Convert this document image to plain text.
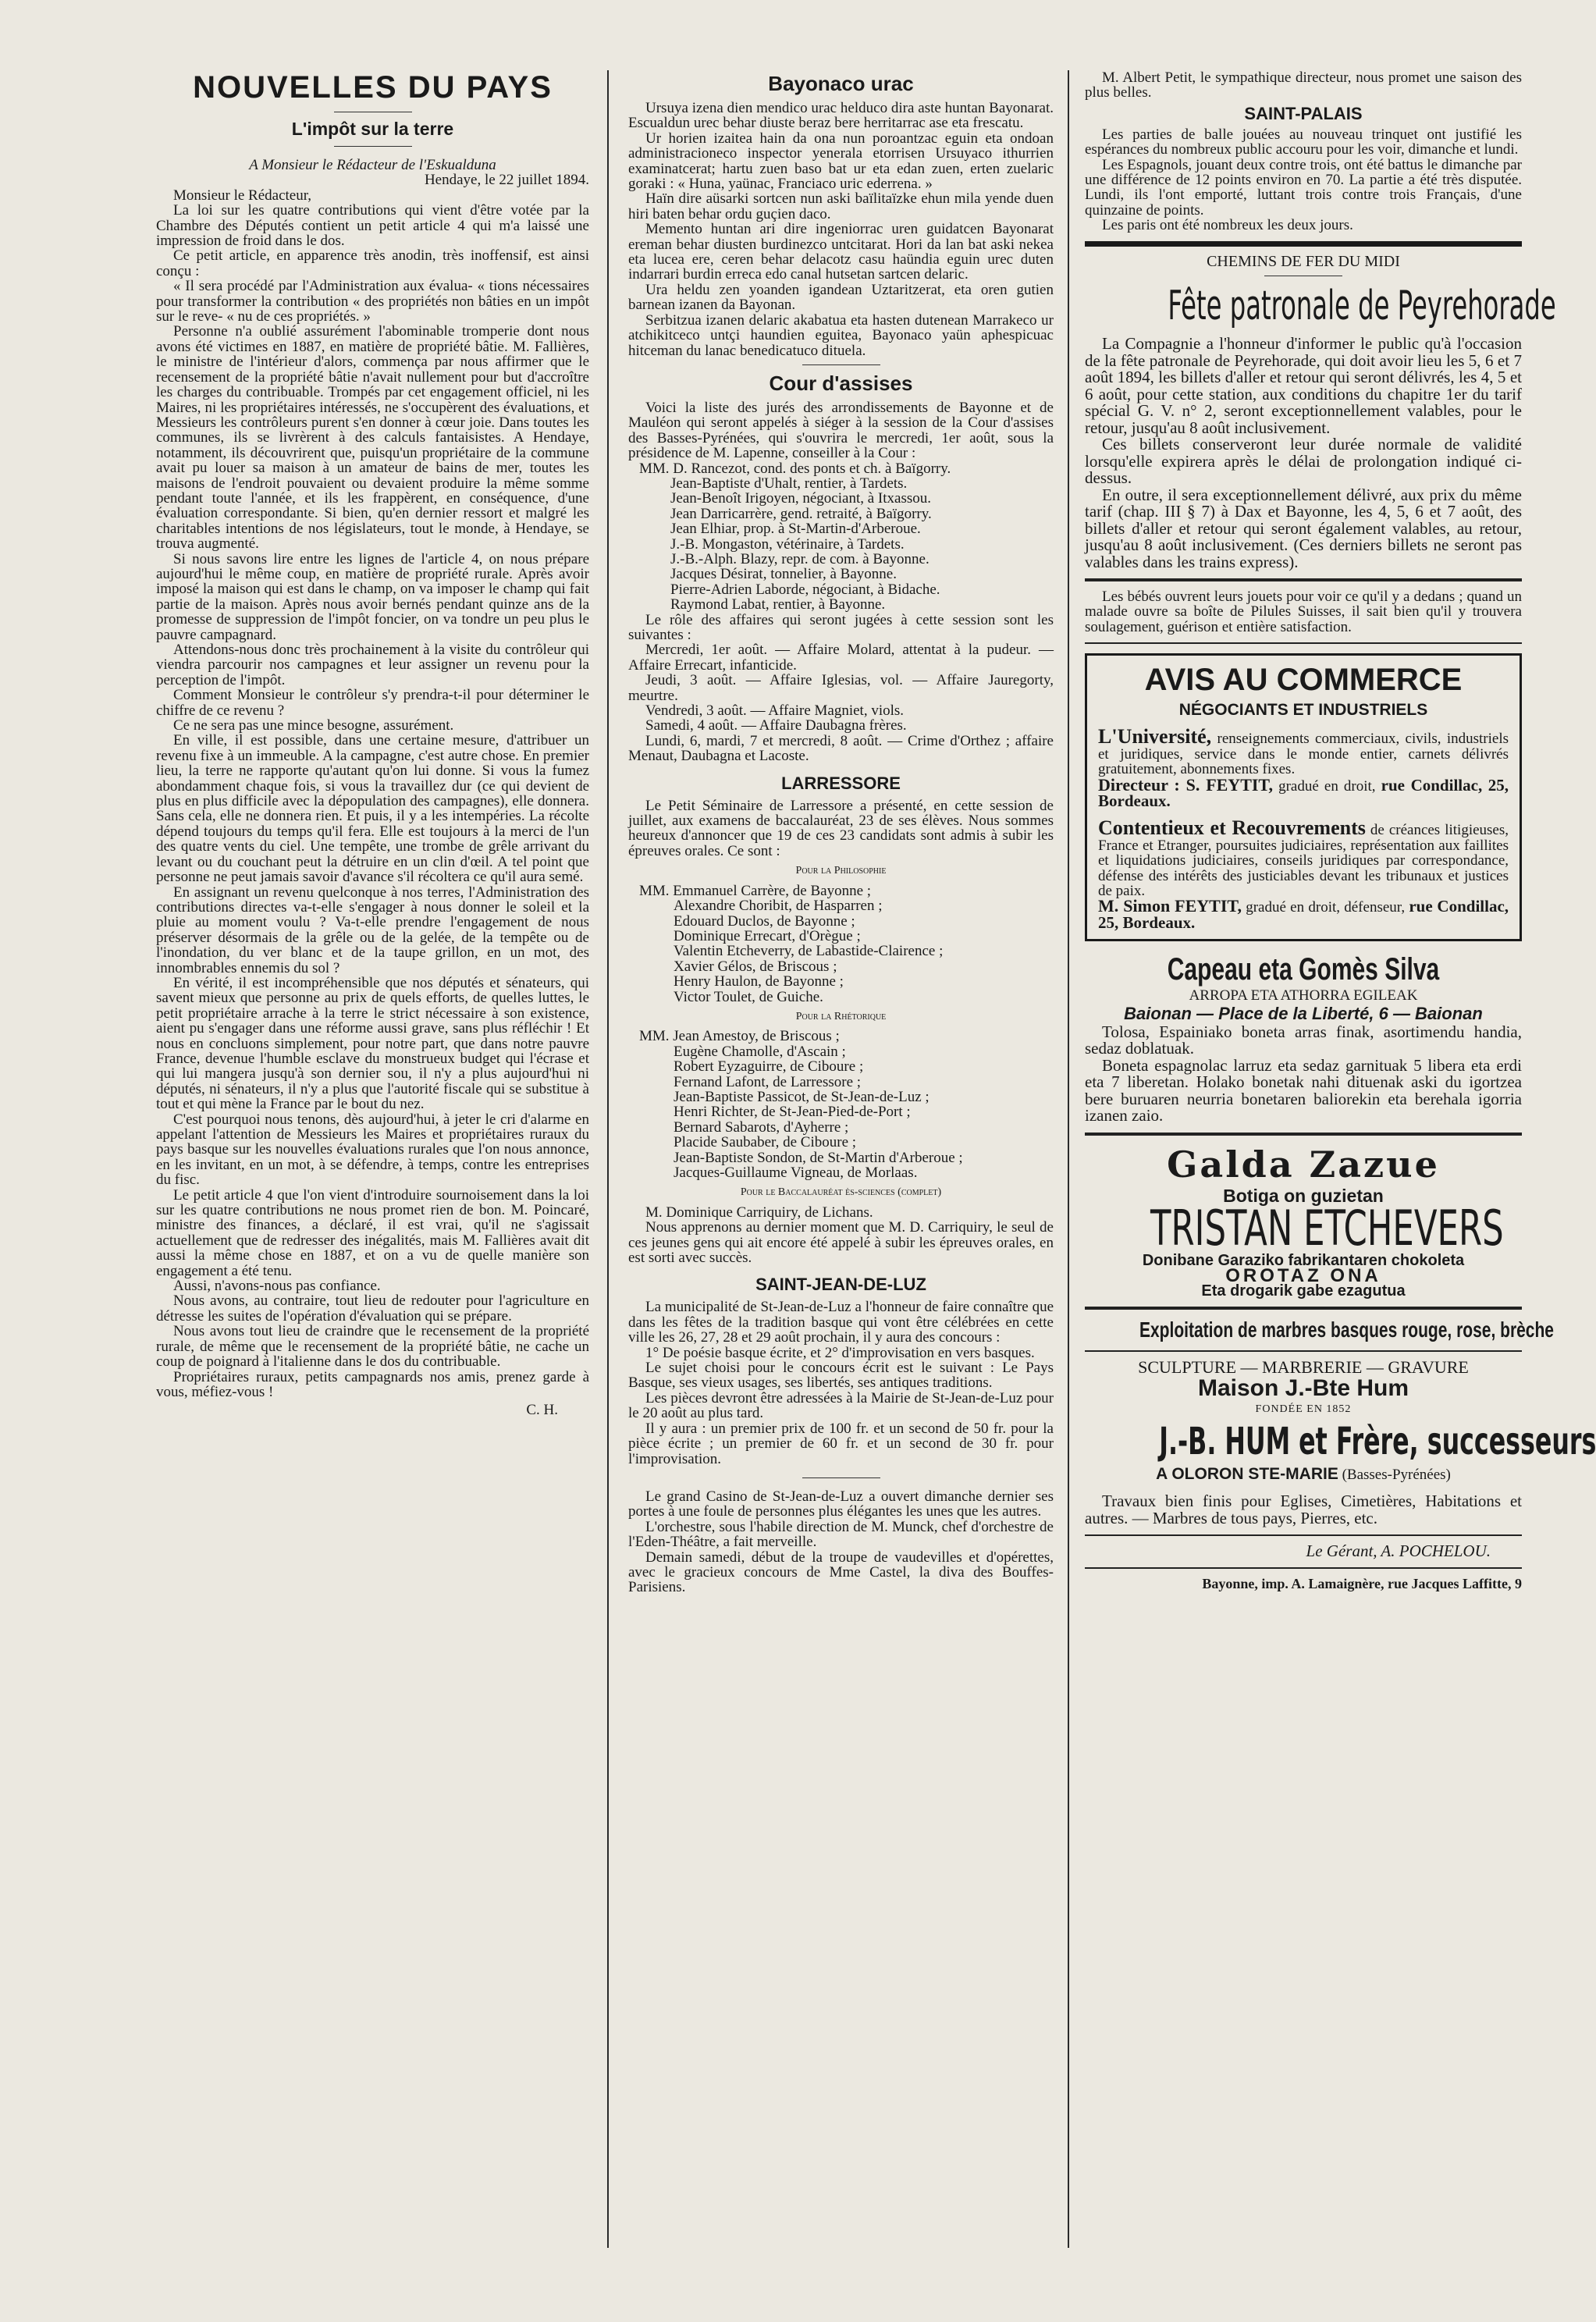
NOUVELLES DU PAYS
L'impôt sur la terre

A Monsieur le Rédacteur de l'Eskualduna

Hendaye, le 22 juillet 1894.

Monsieur le Rédacteur,

La loi sur les quatre contributions qui vient d'être votée par la Chambre des Députés contient un petit article 4 qui m'a laissé une impression de froid dans le dos.

Ce petit article, en apparence très anodin, très inoffensif, est ainsi conçu :

« Il sera procédé par l'Administration aux évalua- « tions nécessaires pour transformer la contribution « des propriétés non bâties en un impôt sur le reve- « nu de ces propriétés. »

Personne n'a oublié assurément l'abominable tromperie dont nous avons été victimes en 1887, en matière de propriété bâtie. M. Fallières, le ministre de l'intérieur d'alors, commença par nous affirmer que le recensement de la propriété bâtie n'avait nullement pour but d'accroître les charges du contribuable. Trompés par cet engagement officiel, ni les Maires, ni les propriétaires intéressés, ne s'occupèrent des évaluations, et Messieurs les contrôleurs purent s'en donner à cœur joie. Dans toutes les communes, ils se livrèrent à des calculs fantaisistes. A Hendaye, notamment, ils découvrirent que, puisqu'un propriétaire de la commune avait pu louer sa maison à un amateur de bains de mer, toutes les maisons de l'endroit pouvaient ou devaient produire la même somme pendant toute l'année, et ils les frappèrent, en conséquence, d'une évaluation correspondante. Si bien, qu'en dernier ressort et malgré les charitables intentions de nos législateurs, tout le monde, à Hendaye, se trouva augmenté.

Si nous savons lire entre les lignes de l'article 4, on nous prépare aujourd'hui le même coup, en matière de propriété rurale. Après avoir imposé la maison qui est dans le champ, on va imposer le champ qui fait partie de la maison. Après nous avoir bernés pendant quinze ans de la promesse de suppression de l'impôt foncier, on va tondre un peu plus le pauvre campagnard.

Attendons-nous donc très prochainement à la visite du contrôleur qui viendra parcourir nos campagnes et leur assigner un revenu pour la perception de l'impôt.

Comment Monsieur le contrôleur s'y prendra-t-il pour déterminer le chiffre de ce revenu ?

Ce ne sera pas une mince besogne, assurément.

En ville, il est possible, dans une certaine mesure, d'attribuer un revenu fixe à un immeuble. A la campagne, c'est autre chose. En premier lieu, la terre ne rapporte qu'autant qu'on lui donne. Si vous la fumez abondamment chaque fois, si vous la travaillez dur (ce qui devient de plus en plus difficile avec la dépopulation des campagnes), elle donnera. Sans cela, elle ne donnera rien. Et puis, il y a les intempéries. La récolte dépend toujours du temps qu'il fera. Elle est toujours à la merci de l'un des quatre vents du ciel. Une tempête, une trombe de grêle arrivant du levant ou du couchant peut la détruire en un clin d'œil. A tel point que personne ne peut jamais savoir d'avance s'il récoltera ce qu'il aura semé.

En assignant un revenu quelconque à nos terres, l'Administration des contributions directes va-t-elle s'engager à nous donner le soleil et la pluie au moment voulu ? Va-t-elle prendre l'engagement de nous préserver désormais de la grêle ou de la gelée, de la tempête ou de l'inondation, du ver blanc et de la taupe grillon, en un mot, des innombrables ennemis du sol ?

En vérité, il est incompréhensible que nos députés et sénateurs, qui savent mieux que personne au prix de quels efforts, de quelles luttes, le petit propriétaire arrache à la terre le strict nécessaire à son existence, aient pu s'engager dans une réforme aussi grave, sans plus réfléchir ! Et nous en concluons simplement, pour notre part, que dans notre pauvre France, devenue l'humble esclave du monstrueux budget qui l'écrase et qui lui mangera jusqu'à son dernier sou, il n'y a plus aujourd'hui ni députés, ni sénateurs, il n'y a plus que l'autorité fiscale qui se substitue à tout et qui mène la France par le bout du nez.

C'est pourquoi nous tenons, dès aujourd'hui, à jeter le cri d'alarme en appelant l'attention de Messieurs les Maires et propriétaires ruraux du pays basque sur les nouvelles évaluations rurales que l'on nous annonce, en les invitant, en un mot, à se défendre, à temps, contre les entreprises du fisc.

Le petit article 4 que l'on vient d'introduire sournoisement dans la loi sur les quatre contributions ne nous promet rien de bon. M. Poincaré, ministre des finances, a déclaré, il est vrai, qu'il ne s'agissait actuellement que de redresser des inégalités, mais M. Fallières avait dit aussi la même chose en 1887, et on a vu de quelle manière son engagement a été tenu.

Aussi, n'avons-nous pas confiance.

Nous avons, au contraire, tout lieu de redouter pour l'agriculture en détresse les suites de l'opération d'évaluation qui se prépare.

Nous avons tout lieu de craindre que le recensement de la propriété rurale, de même que le recensement de la propriété bâtie, ne cache un coup de poignard à l'italienne dans le dos du contribuable.

Propriétaires ruraux, petits campagnards nos amis, prenez garde à vous, méfiez-vous !

C. H.

Bayonaco urac

Ursuya izena dien mendico urac helduco dira aste huntan Bayonarat. Escualdun urec behar diuste beraz bere herritarrac ase eta frescatu.

Ur horien izaitea hain da ona nun poroantzac eguin eta ondoan administracioneco inspector yenerala etorrisen Ursuyaco ithurrien examinatcerat; hartu zuen baso bat ur eta edan zuen, erten zuelaric goraki : « Huna, yaünac, Franciaco uric ederrena. »

Haïn dire aüsarki sortcen nun aski baïlitaïzke ehun mila yende duen hiri baten behar ordu guçien daco.

Memento huntan ari dire ingeniorrac uren guidatcen Bayonarat ereman behar diusten burdinezco untcitarat. Hori da lan bat aski nekea eta lucea ere, ceren behar delacotz casu haündia eguin urec duten indarrari burdin erreca edo canal hutsetan sartcen delaric.

Ura heldu zen yoanden igandean Uztaritzerat, eta oren gutien barnean izanen da Bayonan.

Serbitzua izanen delaric akabatua eta hasten dutenean Marrakeco ur atchikitceco untçi haundien eguitea, Bayonaco yaün aphespicuac hitceman du lanac benedicatuco dituela.

Cour d'assises

Voici la liste des jurés des arrondissements de Bayonne et de Mauléon qui seront appelés à siéger à la session de la Cour d'assises des Basses-Pyrénées, qui s'ouvrira le mercredi, 1er août, sous la présidence de M. Lapenne, conseiller à la Cour :

MM. D. Rancezot, cond. des ponts et ch. à Baïgorry.

Jean-Baptiste d'Uhalt, rentier, à Tardets.

Jean-Benoît Irigoyen, négociant, à Itxassou.

Jean Darricarrère, gend. retraité, à Baïgorry.

Jean Elhiar, prop. à St-Martin-d'Arberoue.

J.-B. Mongaston, vétérinaire, à Tardets.

J.-B.-Alph. Blazy, repr. de com. à Bayonne.

Jacques Désirat, tonnelier, à Bayonne.

Pierre-Adrien Laborde, négociant, à Bidache.

Raymond Labat, rentier, à Bayonne.

Le rôle des affaires qui seront jugées à cette session sont les suivantes :

Mercredi, 1er août. — Affaire Molard, attentat à la pudeur. — Affaire Errecart, infanticide.

Jeudi, 3 août. — Affaire Iglesias, vol. — Affaire Jauregorty, meurtre.

Vendredi, 3 août. — Affaire Magniet, viols.

Samedi, 4 août. — Affaire Daubagna frères.

Lundi, 6, mardi, 7 et mercredi, 8 août. — Crime d'Orthez ; affaire Menaut, Daubagna et Lacoste.

LARRESSORE

Le Petit Séminaire de Larressore a présenté, en cette session de juillet, aux examens de baccalauréat, 23 de ses élèves. Nous sommes heureux d'annoncer que 19 de ces 23 candidats sont admis à subir les épreuves orales. Ce sont :

Pour la Philosophie

MM. Emmanuel Carrère, de Bayonne ;

Alexandre Choribit, de Hasparren ;

Edouard Duclos, de Bayonne ;

Dominique Errecart, d'Orègue ;

Valentin Etcheverry, de Labastide-Clairence ;

Xavier Gélos, de Briscous ;

Henry Haulon, de Bayonne ;

Victor Toulet, de Guiche.

Pour la Rhétorique

MM. Jean Amestoy, de Briscous ;

Eugène Chamolle, d'Ascain ;

Robert Eyzaguirre, de Ciboure ;

Fernand Lafont, de Larressore ;

Jean-Baptiste Passicot, de St-Jean-de-Luz ;

Henri Richter, de St-Jean-Pied-de-Port ;

Bernard Sabarots, d'Ayherre ;

Placide Saubaber, de Ciboure ;

Jean-Baptiste Sondon, de St-Martin d'Arberoue ;

Jacques-Guillaume Vigneau, de Morlaas.

Pour le Baccalauréat ès-sciences (complet)

M. Dominique Carriquiry, de Lichans.

Nous apprenons au dernier moment que M. D. Carriquiry, le seul de ces jeunes gens qui ait encore été appelé à subir les épreuves orales, en est sorti avec succès.

SAINT-JEAN-DE-LUZ

La municipalité de St-Jean-de-Luz a l'honneur de faire connaître que dans les fêtes de la tradition basque qui vont être célébrées en cette ville les 26, 27, 28 et 29 août prochain, il y aura des concours :

1° De poésie basque écrite, et 2° d'improvisation en vers basques.

Le sujet choisi pour le concours écrit est le suivant : Le Pays Basque, ses vieux usages, ses libertés, ses antiques traditions.

Les pièces devront être adressées à la Mairie de St-Jean-de-Luz pour le 20 août au plus tard.

Il y aura : un premier prix de 100 fr. et un second de 50 fr. pour la pièce écrite ; un premier de 60 fr. et un second de 30 fr. pour l'improvisation.

Le grand Casino de St-Jean-de-Luz a ouvert dimanche dernier ses portes à une foule de personnes plus élégantes les unes que les autres.

L'orchestre, sous l'habile direction de M. Munck, chef d'orchestre de l'Eden-Théâtre, a fait merveille.

Demain samedi, début de la troupe de vaudevilles et d'opérettes, avec le gracieux concours de Mme Castel, la diva des Bouffes-Parisiens.

M. Albert Petit, le sympathique directeur, nous promet une saison des plus belles.

SAINT-PALAIS

Les parties de balle jouées au nouveau trinquet ont justifié les espérances du nombreux public accouru pour les voir, dimanche et lundi.

Les Espagnols, jouant deux contre trois, ont été battus le dimanche par une différence de 12 points environ en 70. La partie a été très disputée. Lundi, ils l'ont emporté, luttant trois contre trois Français, d'une quinzaine de points.

Les paris ont été nombreux les deux jours.

CHEMINS DE FER DU MIDI

Fête patronale de Peyrehorade

La Compagnie a l'honneur d'informer le public qu'à l'occasion de la fête patronale de Peyrehorade, qui doit avoir lieu les 5, 6 et 7 août 1894, les billets d'aller et retour qui seront délivrés, les 4, 5 et 6 août, pour cette station, aux conditions du chapitre 1er du tarif spécial G. V. n° 2, seront exceptionnellement valables, pour le retour, jusqu'au 8 août inclusivement.

Ces billets conserveront leur durée normale de validité lorsqu'elle expirera après le délai de prolongation indiqué ci-dessus.

En outre, il sera exceptionnellement délivré, aux prix du même tarif (chap. III § 7) à Dax et Bayonne, les 4, 5, 6 et 7 août, des billets d'aller et retour qui seront également valables, au retour, jusqu'au 8 août inclusivement. (Ces derniers billets ne seront pas valables dans les trains express).

Les bébés ouvrent leurs jouets pour voir ce qu'il y a dedans ; quand un malade ouvre sa boîte de Pilules Suisses, il sait bien qu'il y trouvera soulagement, guérison et entière satisfaction.

AVIS AU COMMERCE
NÉGOCIANTS ET INDUSTRIELS

L'Université, renseignements commerciaux, civils, industriels et juridiques, service dans le monde entier, carnets délivrés gratuitement, abonnements fixes.

Directeur : S. FEYTIT, gradué en droit, rue Condillac, 25, Bordeaux.

Contentieux et Recouvrements de créances litigieuses, France et Etranger, poursuites judiciaires, représentation aux faillites et liquidations judiciaires, conseils juridiques par correspondance, défense des intérêts des justiciables devant les tribunaux et justices de paix.

M. Simon FEYTIT, gradué en droit, défenseur, rue Condillac, 25, Bordeaux.

Capeau eta Gomès Silva

ARROPA ETA ATHORRA EGILEAK

Baionan — Place de la Liberté, 6 — Baionan

Tolosa, Espainiako boneta arras finak, asortimendu handia, sedaz doblatuak.

Boneta espagnolac larruz eta sedaz garnituak 5 libera eta erdi eta 7 liberetan. Holako bonetak nahi dituenak aski du igortzea bere buruaren neurria bonetaren baliorekin eta berehala igorria izanen zaio.

Galda Zazue

Botiga on guzietan

TRISTAN ETCHEVERS

Donibane Garaziko fabrikantaren chokoleta

OROTAZ ONA

Eta drogarik gabe ezagutua

Exploitation de marbres basques rouge, rose, brèche

SCULPTURE — MARBRERIE — GRAVURE

Maison J.-Bte Hum

FONDÉE EN 1852

J.-B. HUM et Frère, successeurs

A OLORON STE-MARIE (Basses-Pyrénées)

Travaux bien finis pour Eglises, Cimetières, Habitations et autres. — Marbres de tous pays, Pierres, etc.

Le Gérant, A. POCHELOU.

Bayonne, imp. A. Lamaignère, rue Jacques Laffitte, 9
